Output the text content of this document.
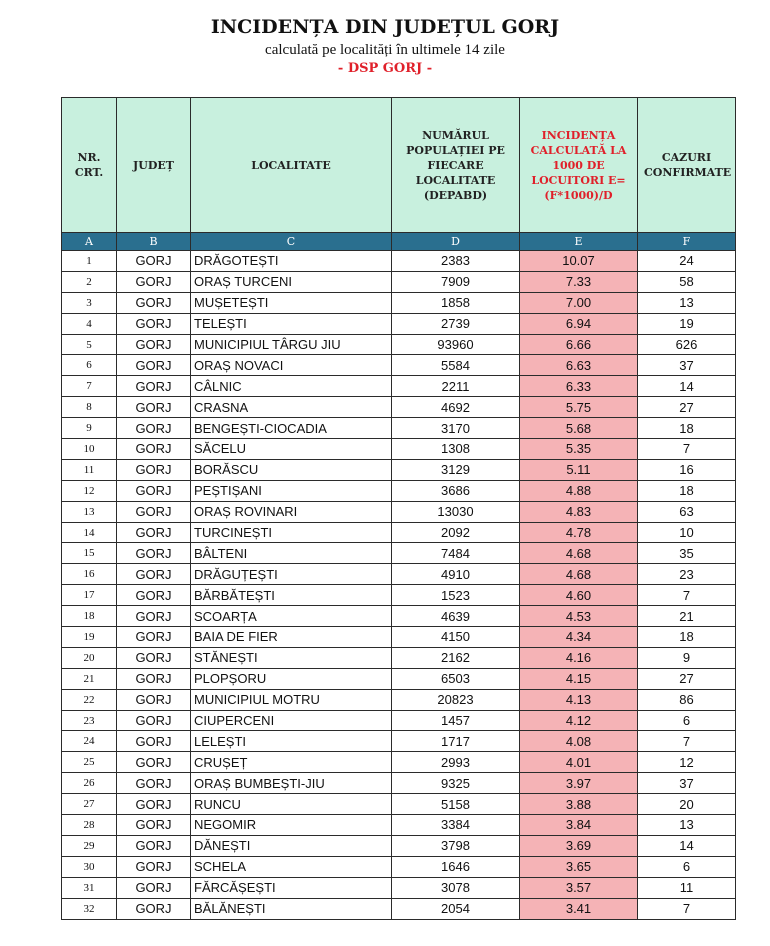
INCIDENȚA DIN JUDEȚUL GORJ
calculată pe localități în ultimele 14 zile
- DSP GORJ -
NR. CRT.	JUDEȚ	LOCALITATE	NUMĂRUL POPULAȚIEI PE FIECARE LOCALITATE (DEPABD)	INCIDENȚA CALCULATĂ LA 1000 DE LOCUITORI E=(F*1000)/D	CAZURI CONFIRMATE
A	B	C	D	E	F
1	GORJ	DRĂGOTEȘTI	2383	10.07	24
2	GORJ	ORAȘ TURCENI	7909	7.33	58
3	GORJ	MUȘETEȘTI	1858	7.00	13
4	GORJ	TELEȘTI	2739	6.94	19
5	GORJ	MUNICIPIUL TÂRGU JIU	93960	6.66	626
6	GORJ	ORAȘ NOVACI	5584	6.63	37
7	GORJ	CÂLNIC	2211	6.33	14
8	GORJ	CRASNA	4692	5.75	27
9	GORJ	BENGEȘTI-CIOCADIA	3170	5.68	18
10	GORJ	SĂCELU	1308	5.35	7
11	GORJ	BORĂSCU	3129	5.11	16
12	GORJ	PEȘTIȘANI	3686	4.88	18
13	GORJ	ORAȘ ROVINARI	13030	4.83	63
14	GORJ	TURCINEȘTI	2092	4.78	10
15	GORJ	BÂLTENI	7484	4.68	35
16	GORJ	DRĂGUȚEȘTI	4910	4.68	23
17	GORJ	BĂRBĂTEȘTI	1523	4.60	7
18	GORJ	SCOARȚA	4639	4.53	21
19	GORJ	BAIA DE FIER	4150	4.34	18
20	GORJ	STĂNEȘTI	2162	4.16	9
21	GORJ	PLOPȘORU	6503	4.15	27
22	GORJ	MUNICIPIUL MOTRU	20823	4.13	86
23	GORJ	CIUPERCENI	1457	4.12	6
24	GORJ	LELEȘTI	1717	4.08	7
25	GORJ	CRUȘEȚ	2993	4.01	12
26	GORJ	ORAȘ BUMBEȘTI-JIU	9325	3.97	37
27	GORJ	RUNCU	5158	3.88	20
28	GORJ	NEGOMIR	3384	3.84	13
29	GORJ	DĂNEȘTI	3798	3.69	14
30	GORJ	SCHELA	1646	3.65	6
31	GORJ	FĂRCĂȘEȘTI	3078	3.57	11
32	GORJ	BĂLĂNEȘTI	2054	3.41	7
